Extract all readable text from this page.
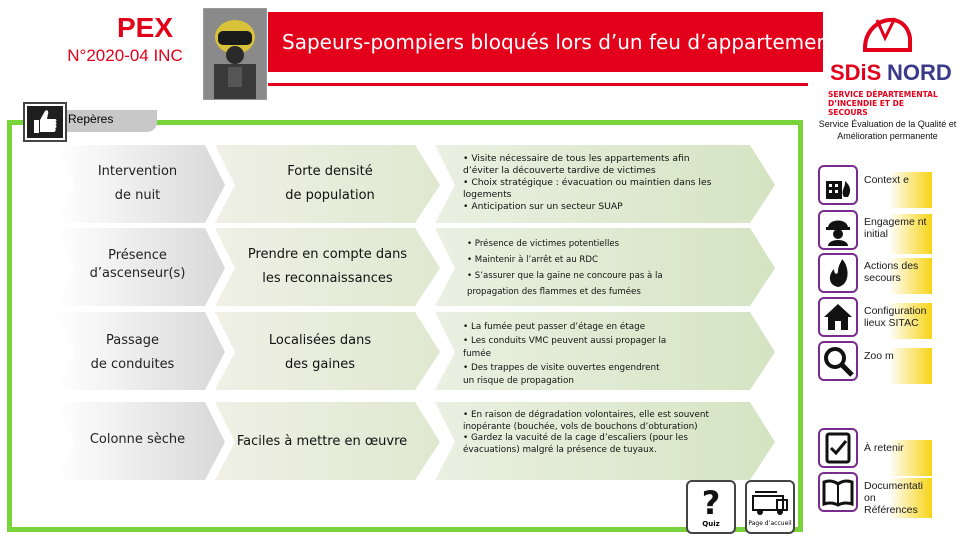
PEX
N°2020-04 INC
Sapeurs-pompiers bloqués lors d’un feu d’appartement
SDiS NORD
SERVICE DÉPARTEMENTAL D’INCENDIE ET DE SECOURS
Service Évaluation de la Qualité et Amélioration permanente
Repères
Intervention
de nuit
Forte densité
de population
• Visite nécessaire de tous les appartements afin
d’éviter la découverte tardive de victimes
• Choix stratégique : évacuation ou maintien dans les
logements
• Anticipation sur un secteur SUAP
Présence
d’ascenseur(s)
Prendre en compte dans
les reconnaissances
• Présence de victimes potentielles
• Maintenir à l’arrêt et au RDC
• S’assurer que la gaine ne concoure pas à la
propagation des flammes et des fumées
Passage
de conduites
Localisées dans
des gaines
• La fumée peut passer d’étage en étage
• Les conduits VMC peuvent aussi propager la
fumée
• Des trappes de visite ouvertes engendrent
un risque de propagation
Colonne sèche	Faciles à mettre en œuvre
• En raison de dégradation volontaires, elle est souvent
inopérante (bouchée, vols de bouchons d’obturation)
• Gardez la vacuité de la cage d’escaliers (pour les
évacuations) malgré la présence de tuyaux.
Context e
Engageme nt initial
Actions des secours
Configuration lieux SITAC
Zoo m
À retenir
Documentati on Références
?
Quiz	Page d’accueil
